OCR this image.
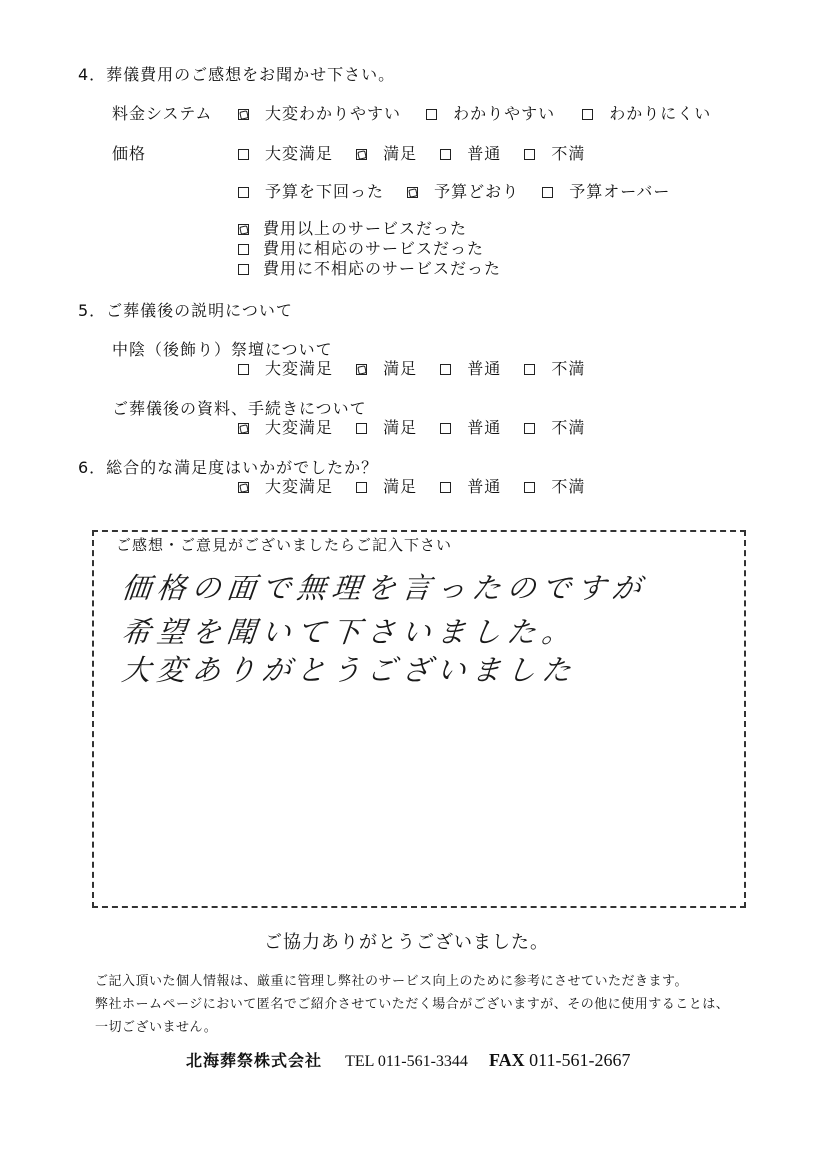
4．葬儀費用のご感想をお聞かせ下さい。
料金システム	大変わかりやすい	わかりやすい	わかりにくい
価格	大変満足	満足	普通	不満
予算を下回った	予算どおり	予算オーバー
費用以上のサービスだった
費用に相応のサービスだった
費用に不相応のサービスだった
5．ご葬儀後の説明について
中陰（後飾り）祭壇について
大変満足	満足	普通	不満
ご葬儀後の資料、手続きについて
大変満足	満足	普通	不満
6．総合的な満足度はいかがでしたか？
大変満足	満足	普通	不満
ご感想・ご意見がございましたらご記入下さい
価格の面で無理を言ったのですが
希望を聞いて下さいました。
大変ありがとうございました
ご協力ありがとうございました。
ご記入頂いた個人情報は、厳重に管理し弊社のサービス向上のために参考にさせていただきます。
弊社ホームページにおいて匿名でご紹介させていただく場合がございますが、その他に使用することは、
一切ございません。
北海葬祭株式会社 TEL 011-561-3344 FAX 011-561-2667
